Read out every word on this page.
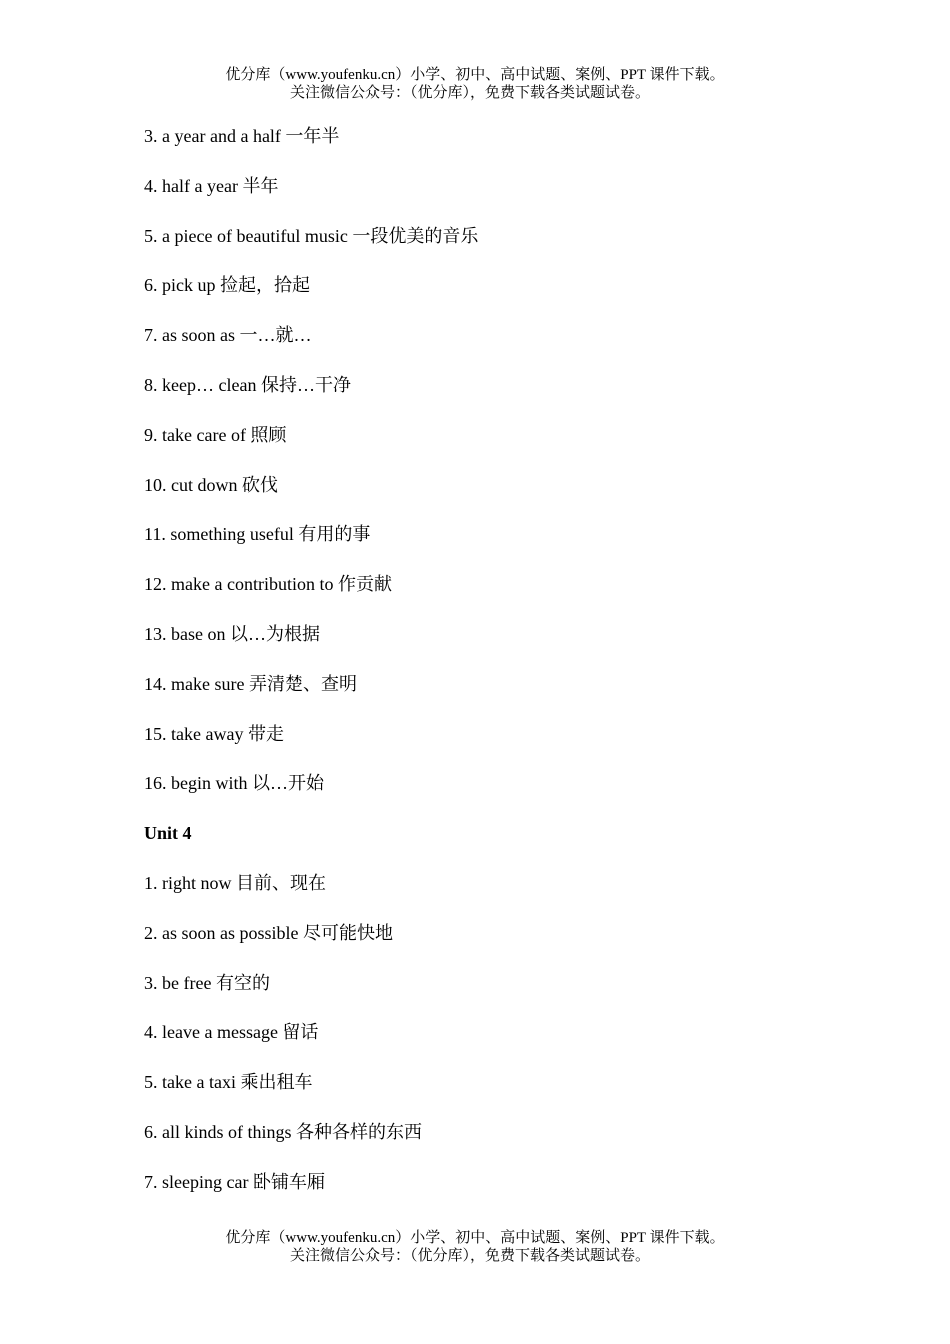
优分库（www.youfenku.cn）小学、初中、高中试题、案例、PPT 课件下载。
关注微信公众号：（优分库），免费下载各类试题试卷。
3. a year and a half 一年半
4. half a year 半年
5. a piece of beautiful music 一段优美的音乐
6. pick up 捡起，拾起
7. as soon as 一…就…
8. keep… clean 保持…干净
9. take care of 照顾
10. cut down 砍伐
11. something useful 有用的事
12. make a contribution to 作贡献
13. base on 以…为根据
14. make sure 弄清楚、查明
15. take away 带走
16. begin with 以…开始
Unit 4
1. right now 目前、现在
2. as soon as possible 尽可能快地
3. be free 有空的
4. leave a message 留话
5. take a taxi 乘出租车
6. all kinds of things 各种各样的东西
7. sleeping car 卧铺车厢
优分库（www.youfenku.cn）小学、初中、高中试题、案例、PPT 课件下载。
关注微信公众号：（优分库），免费下载各类试题试卷。
